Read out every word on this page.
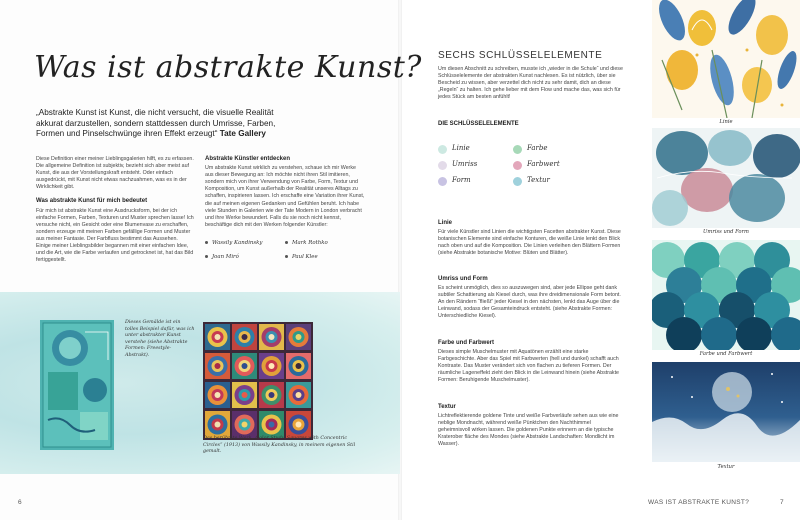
Was ist abstrakte Kunst?
„Abstrakte Kunst ist Kunst, die nicht versucht, die visuelle Realität akkurat darzustellen, sondern stattdessen durch Umrisse, Farben, Formen und Pinselschwünge ihren Effekt erzeugt“ Tate Gallery
Diese Definition einer meiner Lieblingsgalerien hilft, es zu erfassen. Die allgemeine Definition ist subjektiv, bezieht sich aber meist auf Kunst, die aus der Vorstellungskraft entsteht. Oder einfach ausgedrückt, mit Kunst nicht etwas nachzuahmen, was es in der Wirklichkeit gibt.
Was abstrakte Kunst für mich bedeutet
Für mich ist abstrakte Kunst eine Ausdrucksform, bei der ich einfache Formen, Farben, Texturen und Muster sprechen lasse! Ich versuche nicht, ein Gesicht oder eine Blumenvase zu erschaffen, sondern erzeuge mit meinen Farben gefällige Formen und Muster aus meiner Fantasie. Der Farbfluss bestimmt das Aussehen. Einige meiner Lieblingsbilder begannen mit einer einfachen Idee, und die Art, wie die Farbe verlaufen und getrocknet ist, hat das Bild fertiggestellt.
Abstrakte Künstler entdecken
Um abstrakte Kunst wirklich zu verstehen, schaue ich mir Werke aus dieser Bewegung an: Ich möchte nicht ihren Stil imitieren, sondern mich von ihrer Verwendung von Farbe, Form, Textur und Komposition, um Kunst außerhalb der Realität unseres Alltags zu schaffen, inspirieren lassen. Ich erschaffe eine Variation ihrer Kunst, die auf meinen eigenen Gedanken und Gefühlen beruht. Ich habe viele Stunden in Galerien wie der Tate Modern in London verbracht und ihre Werke bewundert. Falls du sie noch nicht kennst, beschäftige dich mit den Werken folgender Künstler:
Wassily Kandinsky	Mark Rothko
Joan Miró	Paul Klee
Dieses Gemälde ist ein tolles Beispiel dafür, was ich unter abstrakter Kunst verstehe (siehe Abstrakte Formen: Freestyle-Abstrakt).
Das berühmte Werk „Color Study, Squares with Concentric Circles“ (1913) von Wassily Kandinsky, in meinem eigenen Stil gemalt.
6
SECHS SCHLÜSSELELEMENTE
Um diesen Abschnitt zu schreiben, musste ich „wieder in die Schule“ und diese Schlüsselelemente der abstrakten Kunst nachlesen. Es ist nützlich, über sie Bescheid zu wissen, aber verzettel dich nicht zu sehr damit, dich an diese „Regeln“ zu halten. Ich gehe lieber mit dem Flow und mache das, was sich für jedes Stück am besten anfühlt!
DIE SCHLÜSSELELEMENTE
Linie	Farbe
Umriss	Farbwert
Form	Textur
Linie
Für viele Künstler sind Linien die wichtigsten Facetten abstrakter Kunst. Diese botanischen Elemente sind einfache Konturen, die weiße Linie lenkt den Blick nach oben und auf die Komposition. Die Linien verleihen den Blättern Formen (siehe Abstrakte botanische Motive: Blüten und Blätter).
Umriss und Form
Es scheint unmöglich, dies so auszuwegen sind, aber jede Ellipse geht dank subtiler Schattierung als Kiesel durch, was ihre dreidimensionale Form betont. An den Rändern “fließt” jeder Kiesel in den nächsten, lenkt das Auge über die Leinwand, sodass der Gesamteindruck entsteht. (siehe Abstrakte Formen: Unterschiedliche Kiesel).
Farbe und Farbwert
Dieses simple Muschelmuster mit Aquatönen erzählt eine starke Farbgeschichte. Aber das Spiel mit Farbwerten (hell und dunkel) schafft auch Kontraste. Das Muster verändert sich von flachen zu tieferen Formen. Der räumliche Lageneffekt zieht den Blick in die Leinwand hinein (siehe Abstrakte Formen: Beruhigende Muschelmuster).
Textur
Lichtreflektierende goldene Tinte und weiße Farbverläufe sehen aus wie eine neblige Mondnacht, während weiße Pünktchen den Nachthimmel geheimnisvoll wirken lassen. Die goldenen Punkte erinnern an die typische Kraterober fläche des Mondes (siehe Abstrakte Landschaften: Mondlicht im Wasser).
Linie
Umriss und Form
Farbe und Farbwert
Textur
WAS IST ABSTRAKTE KUNST?	7
